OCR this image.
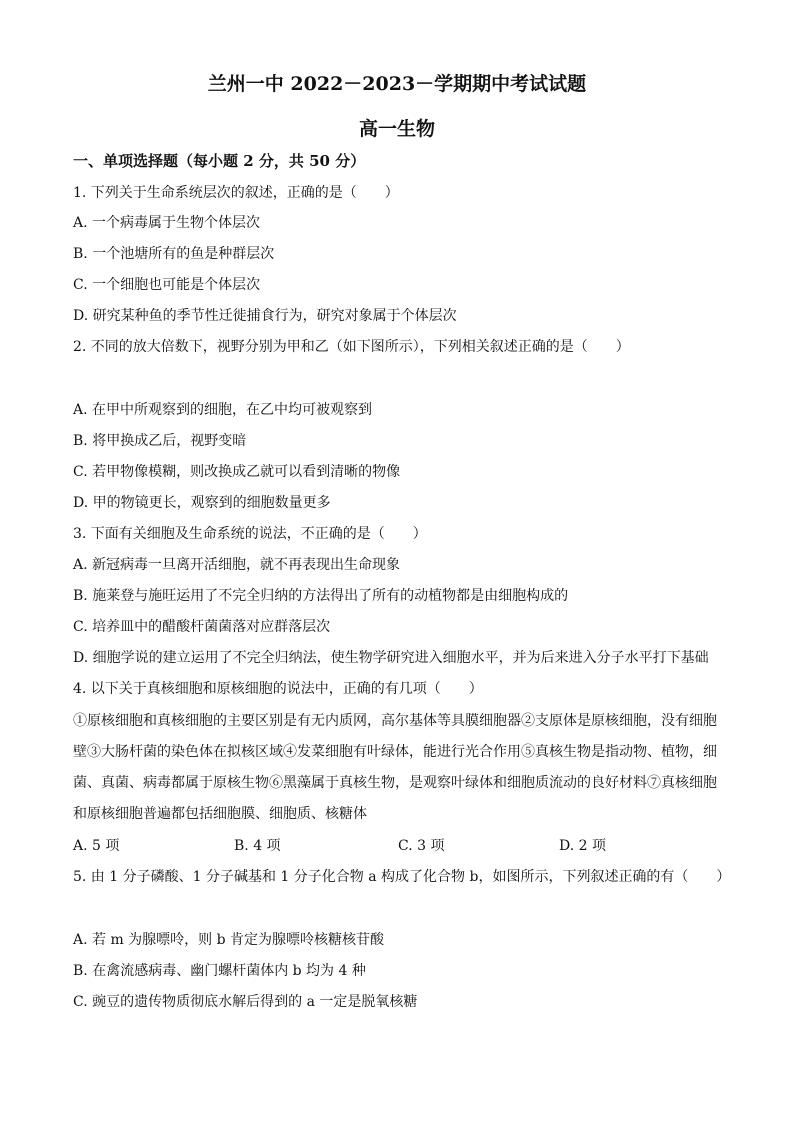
兰州一中 2022－2023－学期期中考试试题
高一生物
一、单项选择题（每小题 2 分，共 50 分）
1. 下列关于生命系统层次的叙述，正确的是（　　）
A. 一个病毒属于生物个体层次
B. 一个池塘所有的鱼是种群层次
C. 一个细胞也可能是个体层次
D. 研究某种鱼的季节性迁徙捕食行为，研究对象属于个体层次
2. 不同的放大倍数下，视野分别为甲和乙（如下图所示），下列相关叙述正确的是（　　）
A. 在甲中所观察到的细胞，在乙中均可被观察到
B. 将甲换成乙后，视野变暗
C. 若甲物像模糊，则改换成乙就可以看到清晰的物像
D. 甲的物镜更长，观察到的细胞数量更多
3. 下面有关细胞及生命系统的说法，不正确的是（　　）
A. 新冠病毒一旦离开活细胞，就不再表现出生命现象
B. 施莱登与施旺运用了不完全归纳的方法得出了所有的动植物都是由细胞构成的
C. 培养皿中的醋酸杆菌菌落对应群落层次
D. 细胞学说的建立运用了不完全归纳法，使生物学研究进入细胞水平，并为后来进入分子水平打下基础
4. 以下关于真核细胞和原核细胞的说法中，正确的有几项（　　）
①原核细胞和真核细胞的主要区别是有无内质网，高尔基体等具膜细胞器②支原体是原核细胞，没有细胞
壁③大肠杆菌的染色体在拟核区域④发菜细胞有叶绿体，能进行光合作用⑤真核生物是指动物、植物，细
菌、真菌、病毒都属于原核生物⑥黑藻属于真核生物，是观察叶绿体和细胞质流动的良好材料⑦真核细胞
和原核细胞普遍都包括细胞膜、细胞质、核糖体
A. 5 项	B. 4 项	C. 3 项	D. 2 项
5. 由 1 分子磷酸、1 分子碱基和 1 分子化合物 a 构成了化合物 b，如图所示，下列叙述正确的有（　　）
A. 若 m 为腺嘌呤，则 b 肯定为腺嘌呤核糖核苷酸
B. 在禽流感病毒、幽门螺杆菌体内 b 均为 4 种
C. 豌豆的遗传物质彻底水解后得到的 a 一定是脱氧核糖
